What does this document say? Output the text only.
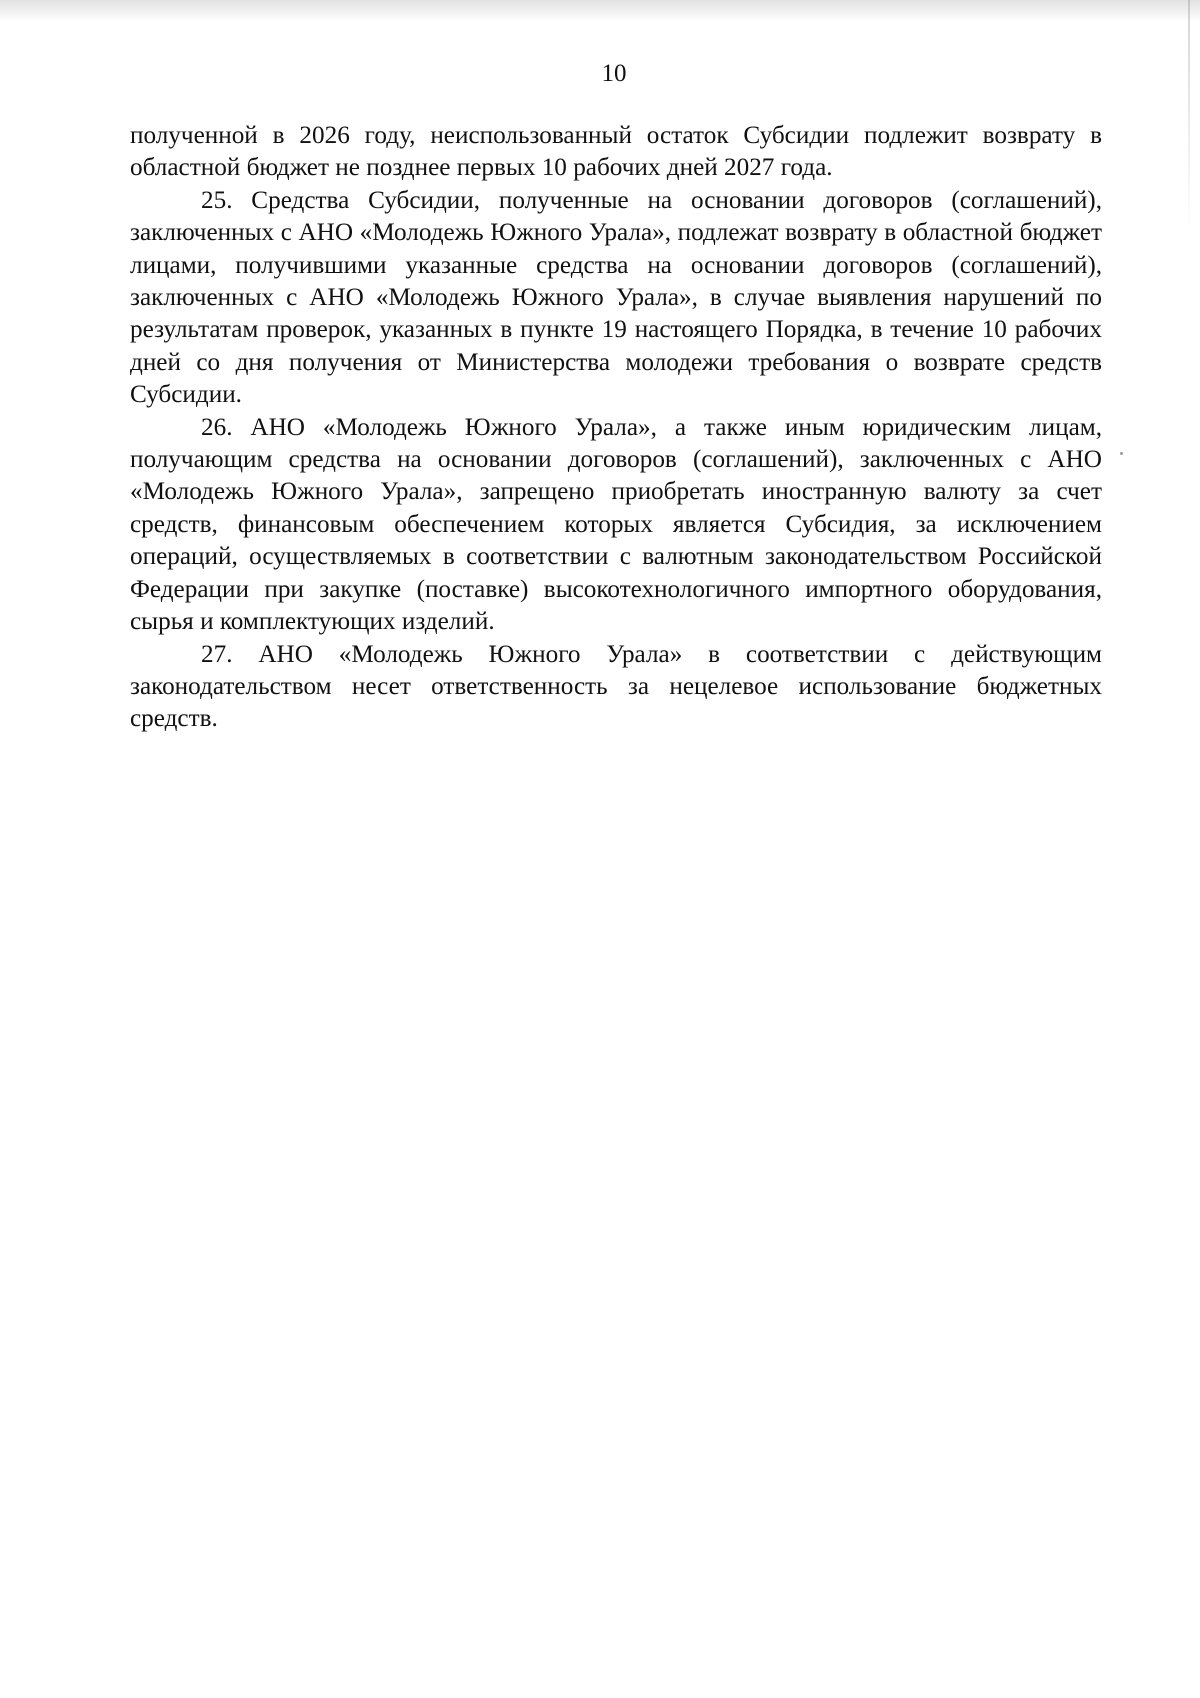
10

полученной в 2026 году, неиспользованный остаток Субсидии подлежит возврату в областной бюджет не позднее первых 10 рабочих дней 2027 года.

25. Средства Субсидии, полученные на основании договоров (соглашений), заключенных с АНО «Молодежь Южного Урала», подлежат возврату в областной бюджет лицами, получившими указанные средства на основании договоров (соглашений), заключенных с АНО «Молодежь Южного Урала», в случае выявления нарушений по результатам проверок, указанных в пункте 19 настоящего Порядка, в течение 10 рабочих дней со дня получения от Министерства молодежи требования о возврате средств Субсидии.

26. АНО «Молодежь Южного Урала», а также иным юридическим лицам, получающим средства на основании договоров (соглашений), заключенных с АНО «Молодежь Южного Урала», запрещено приобретать иностранную валюту за счет средств, финансовым обеспечением которых является Субсидия, за исключением операций, осуществляемых в соответствии с валютным законодательством Российской Федерации при закупке (поставке) высокотехнологичного импортного оборудования, сырья и комплектующих изделий.

27. АНО «Молодежь Южного Урала» в соответствии с действующим законодательством несет ответственность за нецелевое использование бюджетных средств.
